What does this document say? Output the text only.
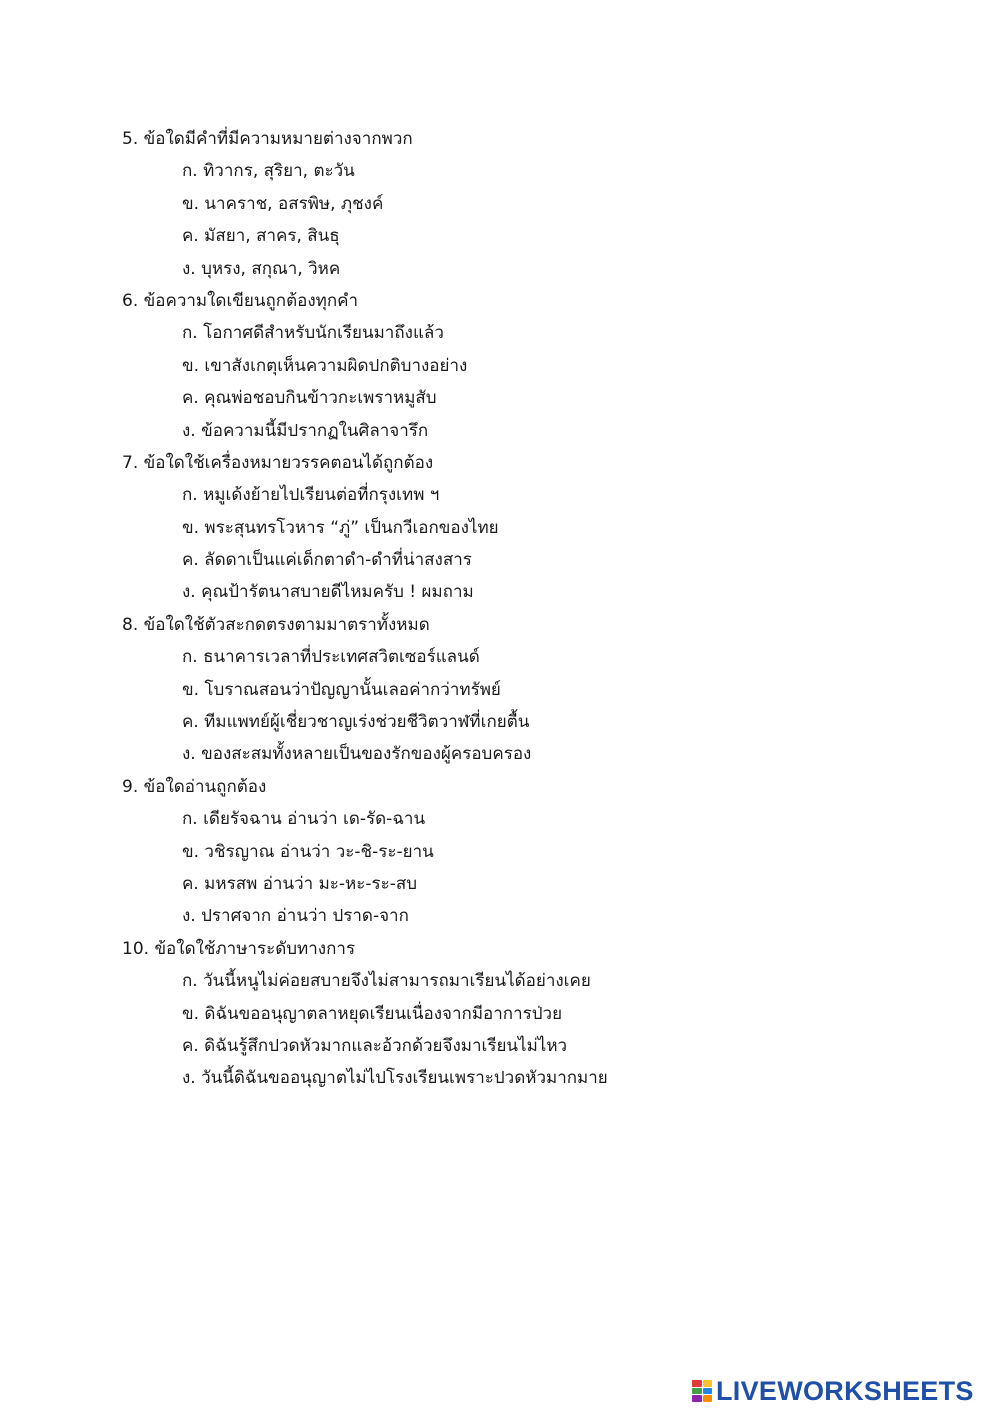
5. ข้อใดมีคำที่มีความหมายต่างจากพวก
ก. ทิวากร, สุริยา, ตะวัน
ข. นาคราช, อสรพิษ, ภุชงค์
ค. มัสยา, สาคร, สินธุ
ง. บุหรง, สกุณา, วิหค
6. ข้อความใดเขียนถูกต้องทุกคำ
ก. โอกาศดีสำหรับนักเรียนมาถึงแล้ว
ข. เขาสังเกตุเห็นความผิดปกติบางอย่าง
ค. คุณพ่อชอบกินข้าวกะเพราหมูสับ
ง. ข้อความนี้มีปรากฏในศิลาจารึก
7. ข้อใดใช้เครื่องหมายวรรคตอนได้ถูกต้อง
ก. หมูเด้งย้ายไปเรียนต่อที่กรุงเทพ ฯ
ข. พระสุนทรโวหาร “ภู่” เป็นกวีเอกของไทย
ค. ลัดดาเป็นแค่เด็กตาดำ-ดำที่น่าสงสาร
ง. คุณป้ารัตนาสบายดีไหมครับ ! ผมถาม
8. ข้อใดใช้ตัวสะกดตรงตามมาตราทั้งหมด
ก. ธนาคารเวลาที่ประเทศสวิตเซอร์แลนด์
ข. โบราณสอนว่าปัญญานั้นเลอค่ากว่าทรัพย์
ค. ทีมแพทย์ผู้เชี่ยวชาญเร่งช่วยชีวิตวาฬที่เกยตื้น
ง. ของสะสมทั้งหลายเป็นของรักของผู้ครอบครอง
9. ข้อใดอ่านถูกต้อง
ก. เดียรัจฉาน อ่านว่า เด-รัด-ฉาน
ข. วชิรญาณ อ่านว่า วะ-ชิ-ระ-ยาน
ค. มหรสพ อ่านว่า มะ-หะ-ระ-สบ
ง. ปราศจาก อ่านว่า ปราด-จาก
10. ข้อใดใช้ภาษาระดับทางการ
ก. วันนี้หนูไม่ค่อยสบายจึงไม่สามารถมาเรียนได้อย่างเคย
ข. ดิฉันขออนุญาตลาหยุดเรียนเนื่องจากมีอาการป่วย
ค. ดิฉันรู้สึกปวดหัวมากและอ้วกด้วยจึงมาเรียนไม่ไหว
ง. วันนี้ดิฉันขออนุญาตไม่ไปโรงเรียนเพราะปวดหัวมากมาย
LIVEWORKSHEETS
